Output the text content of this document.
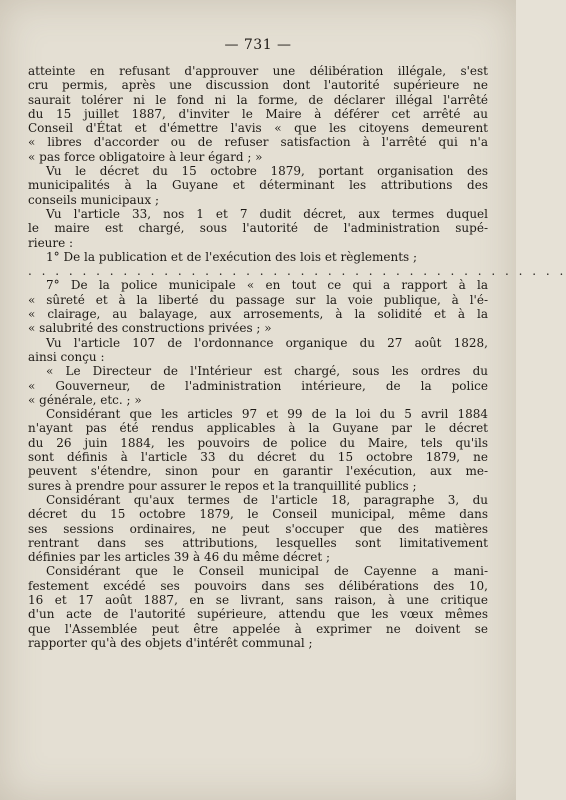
— 731 —
atteinte en refusant d'approuver une délibération illégale, s'est
cru permis, après une discussion dont l'autorité supérieure ne
saurait tolérer ni le fond ni la forme, de déclarer illégal l'arrêté
du 15 juillet 1887, d'inviter le Maire à déférer cet arrêté au
Conseil d'État et d'émettre l'avis « que les citoyens demeurent
« libres d'accorder ou de refuser satisfaction à l'arrêté qui n'a
« pas force obligatoire à leur égard ; »
Vu le décret du 15 octobre 1879, portant organisation des
municipalités à la Guyane et déterminant les attributions des
conseils municipaux ;
Vu l'article 33, nos 1 et 7 dudit décret, aux termes duquel
le maire est chargé, sous l'autorité de l'administration supé-
rieure :
1° De la publication et de l'exécution des lois et règlements ;
. . . . . . . . . . . . . . . . . . . . . . . . . . . . . . . . . . . . . . . .
7° De la police municipale « en tout ce qui a rapport à la
« sûreté et à la liberté du passage sur la voie publique, à l'é-
« clairage, au balayage, aux arrosements, à la solidité et à la
« salubrité des constructions privées ; »
Vu l'article 107 de l'ordonnance organique du 27 août 1828,
ainsi conçu :
« Le Directeur de l'Intérieur est chargé, sous les ordres du
« Gouverneur, de l'administration intérieure, de la police
« générale, etc. ; »
Considérant que les articles 97 et 99 de la loi du 5 avril 1884
n'ayant pas été rendus applicables à la Guyane par le décret
du 26 juin 1884, les pouvoirs de police du Maire, tels qu'ils
sont définis à l'article 33 du décret du 15 octobre 1879, ne
peuvent s'étendre, sinon pour en garantir l'exécution, aux me-
sures à prendre pour assurer le repos et la tranquillité publics ;
Considérant qu'aux termes de l'article 18, paragraphe 3, du
décret du 15 octobre 1879, le Conseil municipal, même dans
ses sessions ordinaires, ne peut s'occuper que des matières
rentrant dans ses attributions, lesquelles sont limitativement
définies par les articles 39 à 46 du même décret ;
Considérant que le Conseil municipal de Cayenne a mani-
festement excédé ses pouvoirs dans ses délibérations des 10,
16 et 17 août 1887, en se livrant, sans raison, à une critique
d'un acte de l'autorité supérieure, attendu que les vœux mêmes
que l'Assemblée peut être appelée à exprimer ne doivent se
rapporter qu'à des objets d'intérêt communal ;
